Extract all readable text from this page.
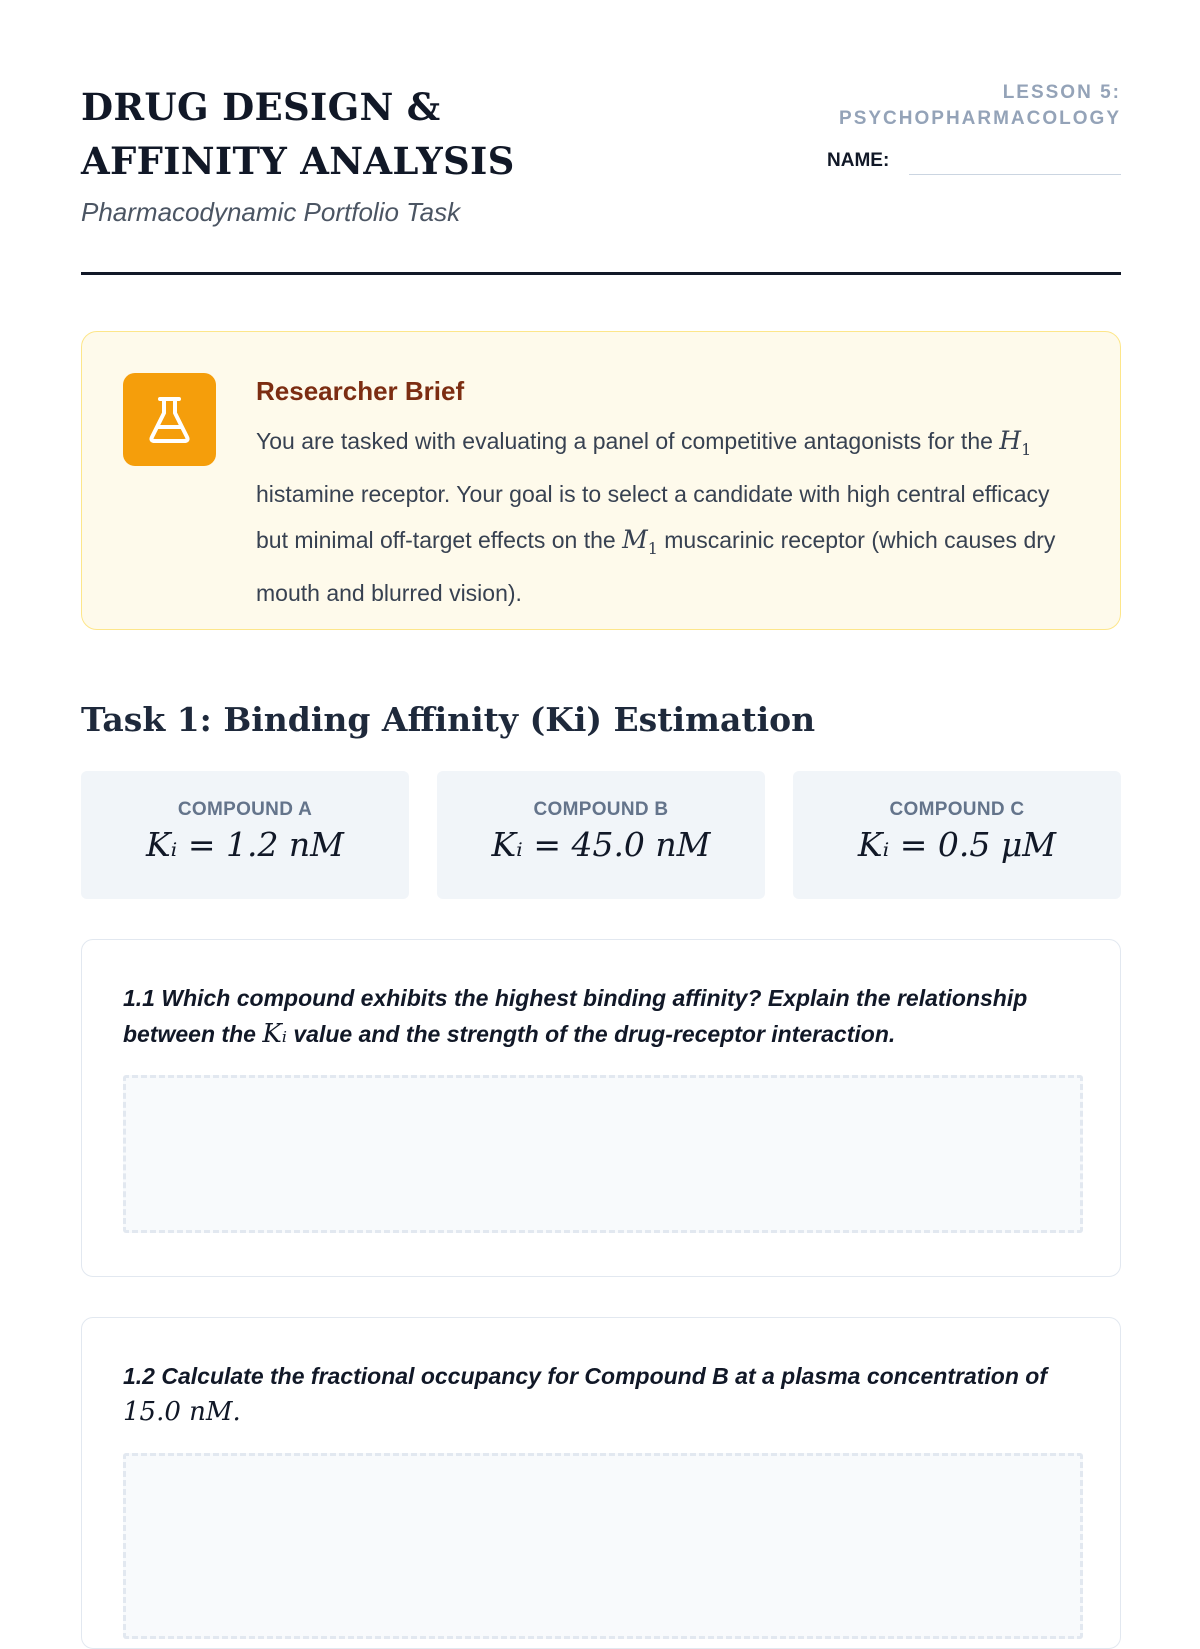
DRUG DESIGN & AFFINITY ANALYSIS
Pharmacodynamic Portfolio Task
LESSON 5: PSYCHOPHARMACOLOGY
NAME:
Researcher Brief
You are tasked with evaluating a panel of competitive antagonists for the $H_1$ histamine receptor. Your goal is to select a candidate with high central efficacy but minimal off-target effects on the $M_1$ muscarinic receptor (which causes dry mouth and blurred vision).
Task 1: Binding Affinity (Ki) Estimation
COMPOUND A
Kᵢ = 1.2 nM
COMPOUND B
Kᵢ = 45.0 nM
COMPOUND C
Kᵢ = 0.5 μM
1.1 Which compound exhibits the highest binding affinity? Explain the relationship between the Kᵢ value and the strength of the drug-receptor interaction.
1.2 Calculate the fractional occupancy for Compound B at a plasma concentration of 15.0 nM.
